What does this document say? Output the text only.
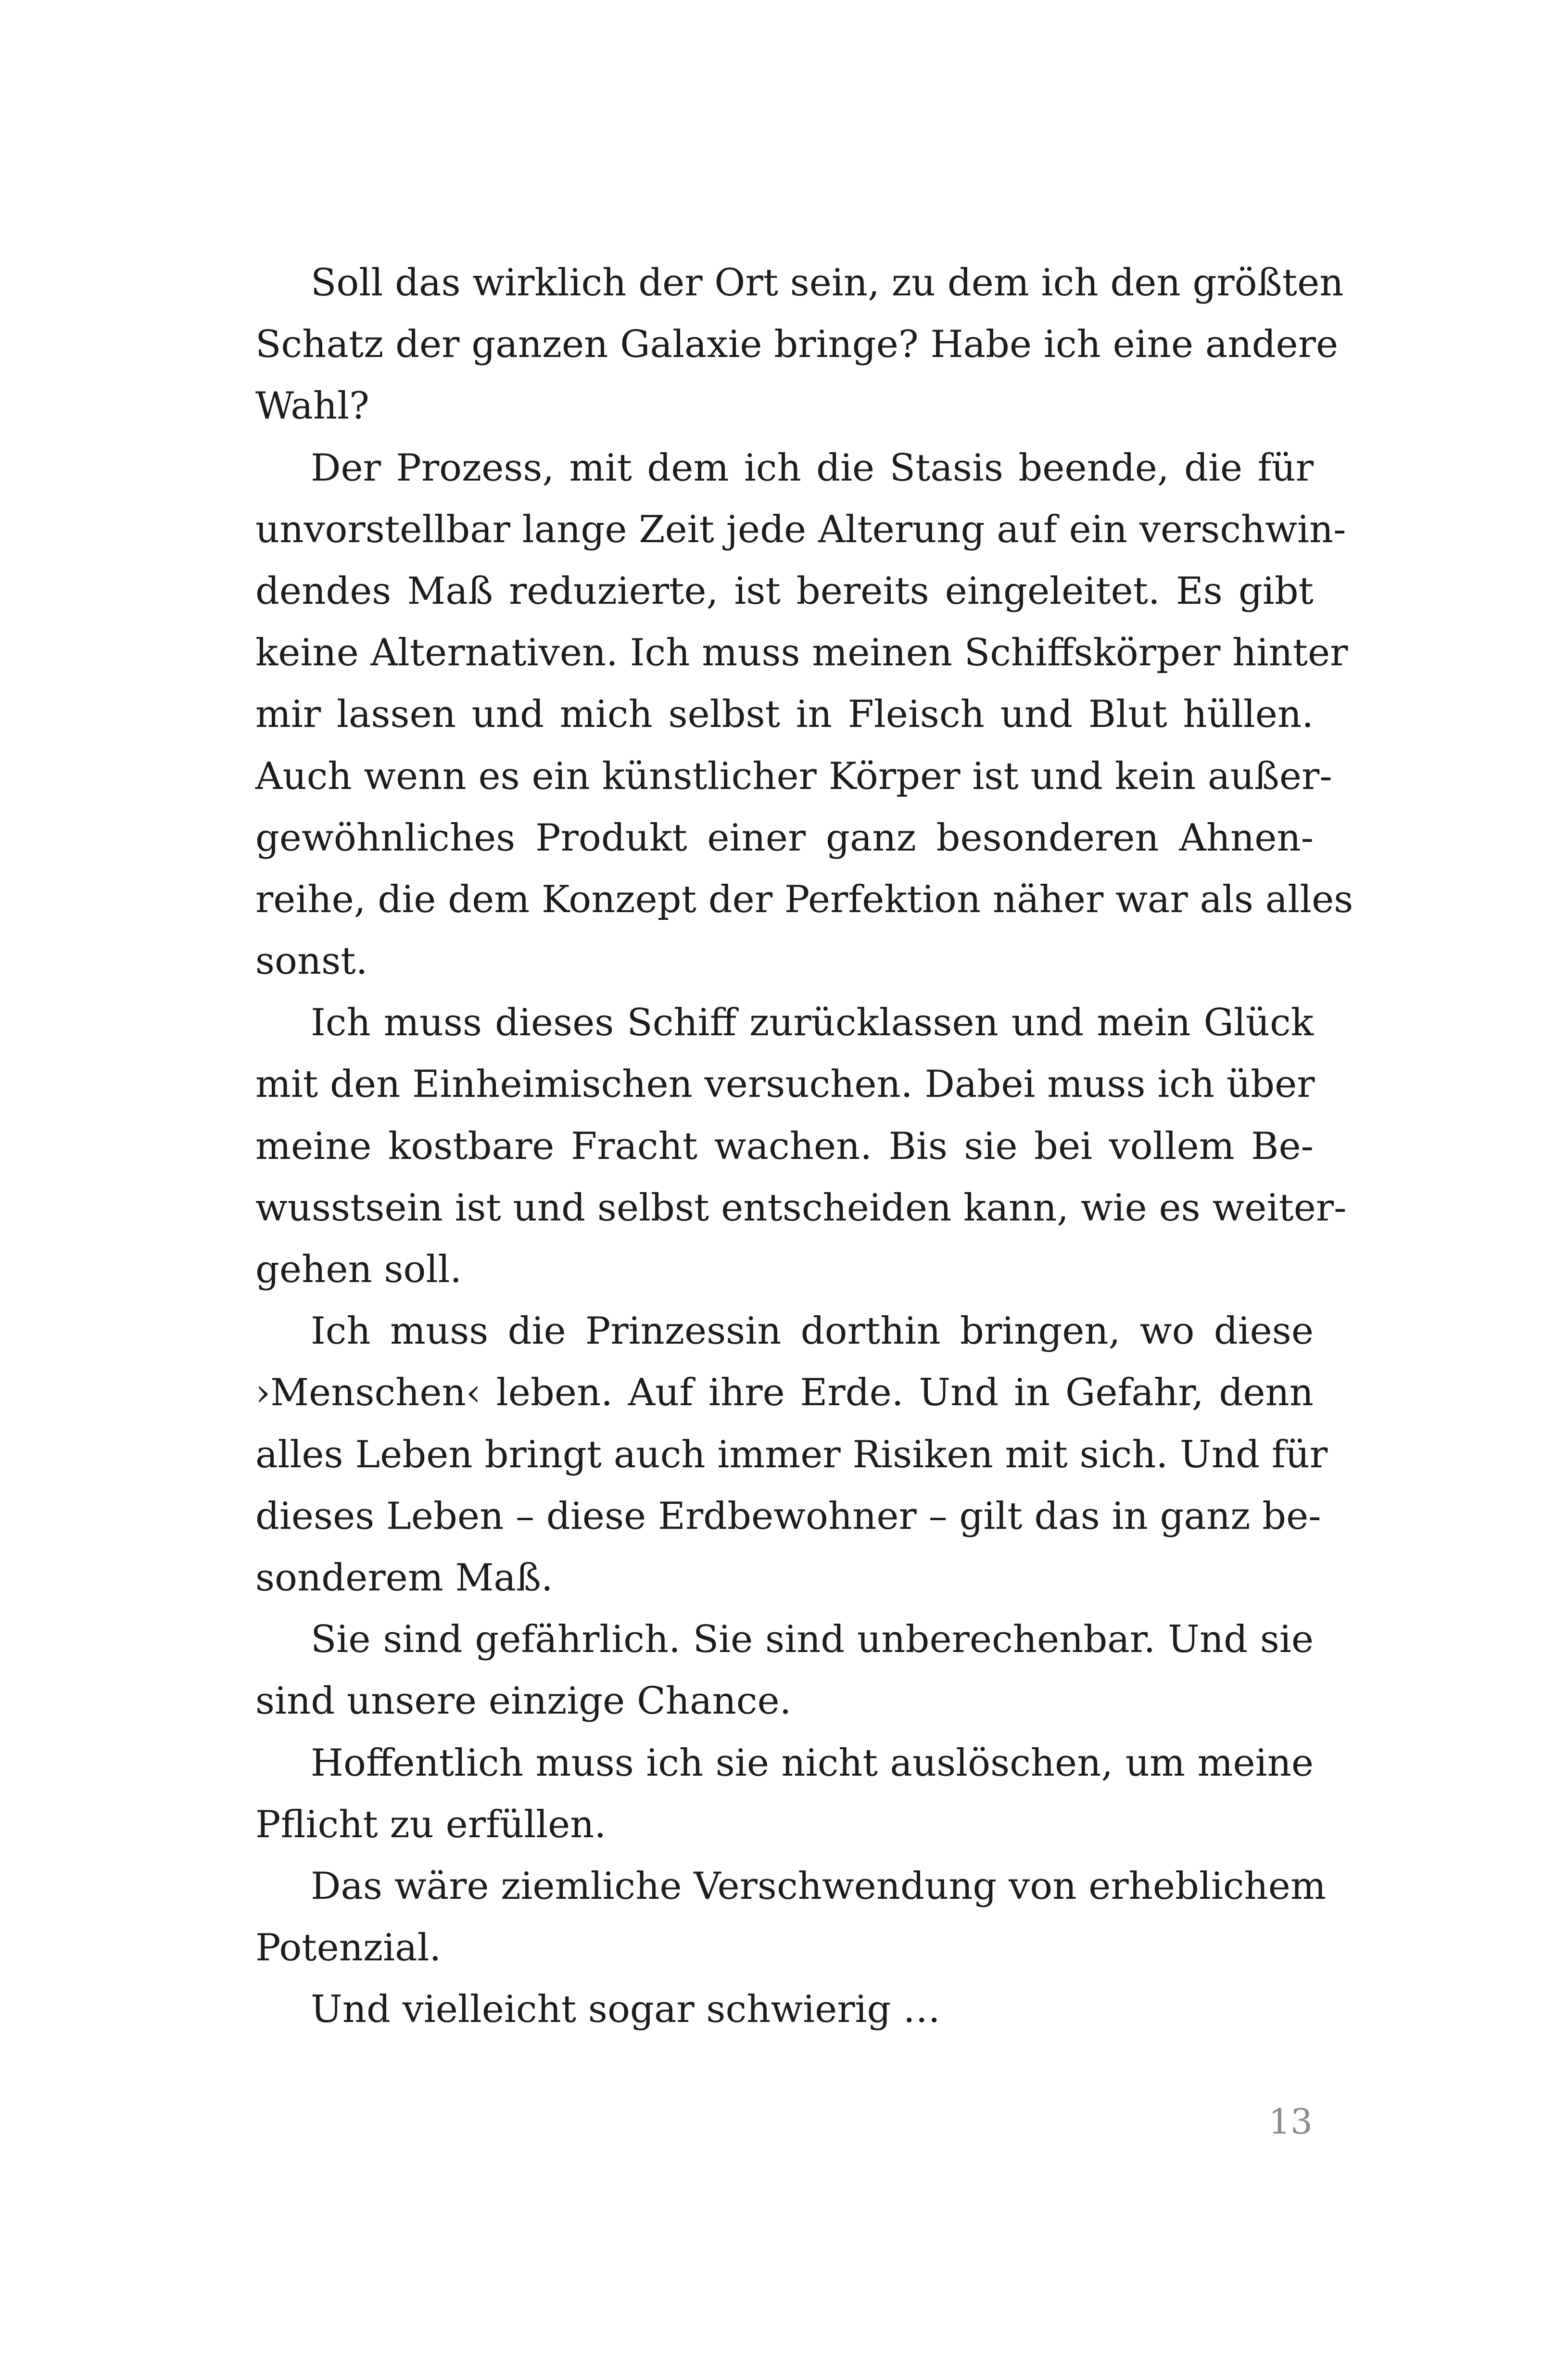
Soll das wirklich der Ort sein, zu dem ich den größten
Schatz der ganzen Galaxie bringe? Habe ich eine andere
Wahl?

Der Prozess, mit dem ich die Stasis beende, die für
unvorstellbar lange Zeit jede Alterung auf ein verschwin-
dendes Maß reduzierte, ist bereits eingeleitet. Es gibt
keine Alternativen. Ich muss meinen Schiffskörper hinter
mir lassen und mich selbst in Fleisch und Blut hüllen.
Auch wenn es ein künstlicher Körper ist und kein außer-
gewöhnliches Produkt einer ganz besonderen Ahnen-
reihe, die dem Konzept der Perfektion näher war als alles
sonst.

Ich muss dieses Schiff zurücklassen und mein Glück
mit den Einheimischen versuchen. Dabei muss ich über
meine kostbare Fracht wachen. Bis sie bei vollem Be-
wusstsein ist und selbst entscheiden kann, wie es weiter-
gehen soll.

Ich muss die Prinzessin dorthin bringen, wo diese
›Menschen‹ leben. Auf ihre Erde. Und in Gefahr, denn
alles Leben bringt auch immer Risiken mit sich. Und für
dieses Leben – diese Erdbewohner – gilt das in ganz be-
sonderem Maß.

Sie sind gefährlich. Sie sind unberechenbar. Und sie
sind unsere einzige Chance.

Hoffentlich muss ich sie nicht auslöschen, um meine
Pflicht zu erfüllen.

Das wäre ziemliche Verschwendung von erheblichem
Potenzial.

Und vielleicht sogar schwierig …

13
